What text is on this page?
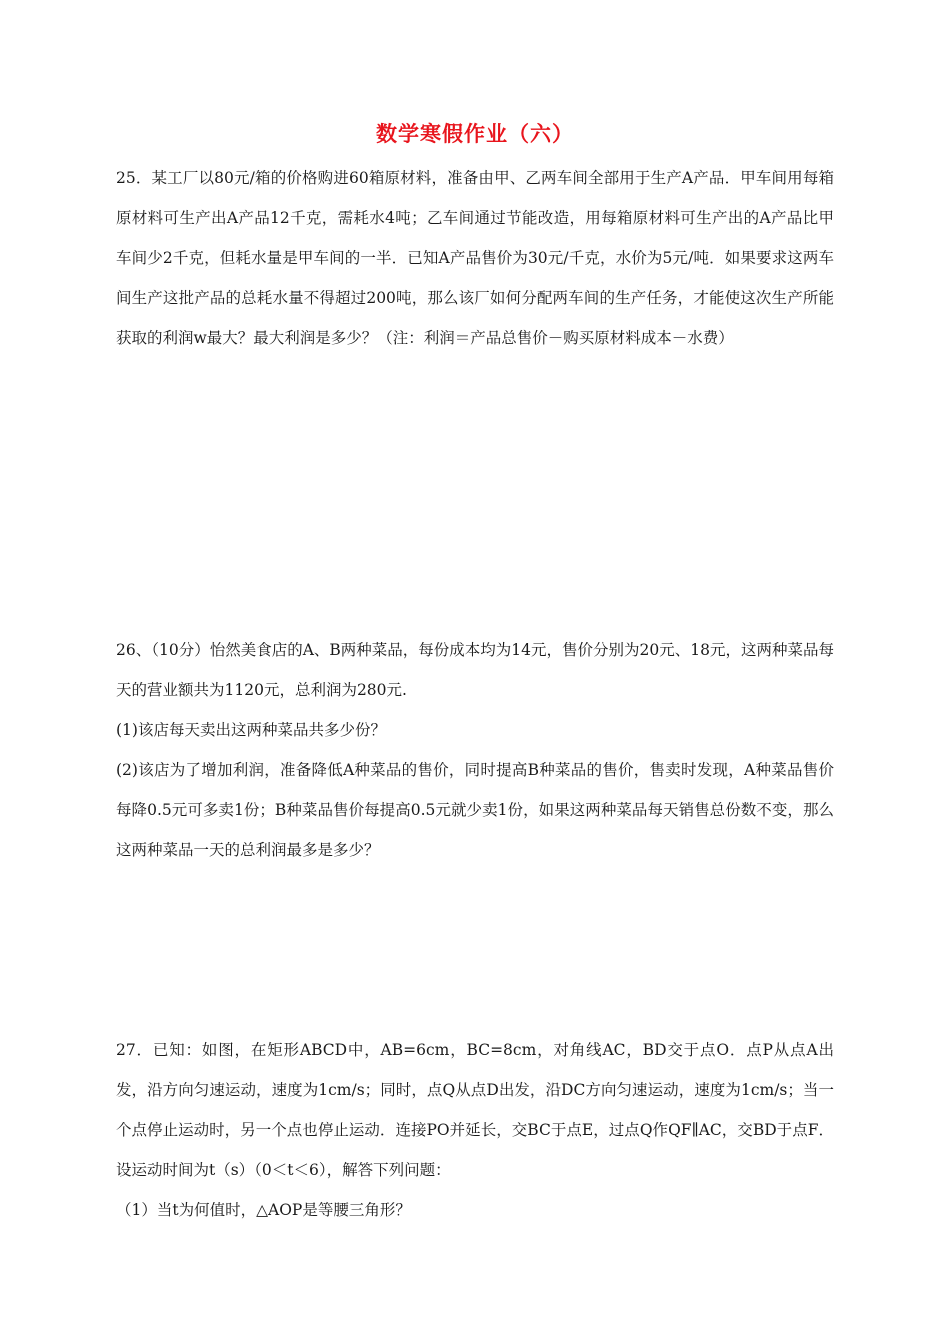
数学寒假作业（六）

25．某工厂以80元/箱的价格购进60箱原材料，准备由甲、乙两车间全部用于生产A产品．甲车间用每箱原材料可生产出A产品12千克，需耗水4吨；乙车间通过节能改造，用每箱原材料可生产出的A产品比甲车间少2千克，但耗水量是甲车间的一半．已知A产品售价为30元/千克，水价为5元/吨．如果要求这两车间生产这批产品的总耗水量不得超过200吨，那么该厂如何分配两车间的生产任务，才能使这次生产所能获取的利润w最大？最大利润是多少？（注：利润＝产品总售价－购买原材料成本－水费）

26、（10分）怡然美食店的A、B两种菜品，每份成本均为14元，售价分别为20元、18元，这两种菜品每天的营业额共为1120元，总利润为280元.

(1)该店每天卖出这两种菜品共多少份？

(2)该店为了增加利润，准备降低A种菜品的售价，同时提高B种菜品的售价，售卖时发现，A种菜品售价每降0.5元可多卖1份；B种菜品售价每提高0.5元就少卖1份，如果这两种菜品每天销售总份数不变，那么这两种菜品一天的总利润最多是多少？

27．已知：如图，在矩形ABCD中，AB=6cm，BC=8cm，对角线AC，BD交于点O．点P从点A出发，沿方向匀速运动，速度为1cm/s；同时，点Q从点D出发，沿DC方向匀速运动，速度为1cm/s；当一个点停止运动时，另一个点也停止运动．连接PO并延长，交BC于点E，过点Q作QF∥AC，交BD于点F．设运动时间为t（s）（0＜t＜6），解答下列问题：

（1）当t为何值时，△AOP是等腰三角形？
